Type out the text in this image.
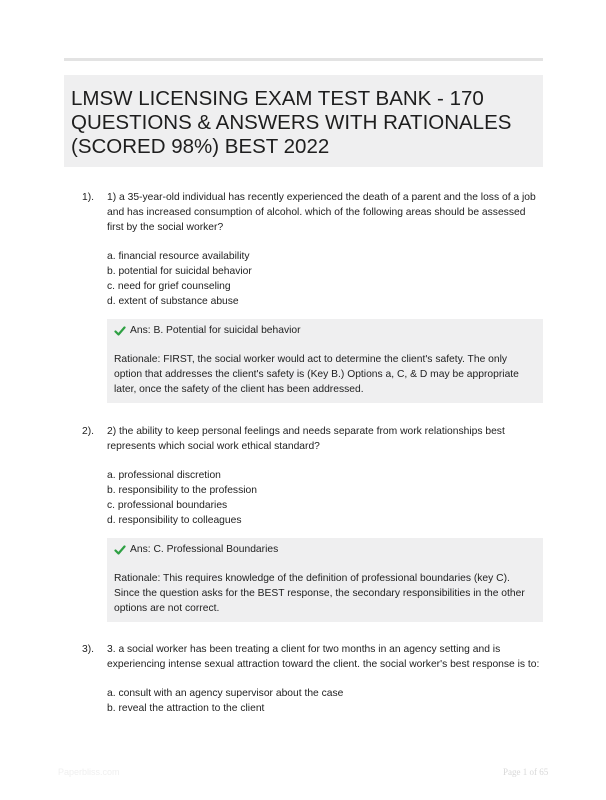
LMSW LICENSING EXAM TEST BANK - 170 QUESTIONS & ANSWERS WITH RATIONALES (SCORED 98%) BEST 2022
1). 1) a 35-year-old individual has recently experienced the death of a parent and the loss of a job and has increased consumption of alcohol. which of the following areas should be assessed first by the social worker?
a. financial resource availability
b. potential for suicidal behavior
c. need for grief counseling
d. extent of substance abuse
Ans: B. Potential for suicidal behavior
Rationale: FIRST, the social worker would act to determine the client's safety. The only option that addresses the client's safety is (Key B.) Options a, C, & D may be appropriate later, once the safety of the client has been addressed.
2). 2) the ability to keep personal feelings and needs separate from work relationships best represents which social work ethical standard?
a. professional discretion
b. responsibility to the profession
c. professional boundaries
d. responsibility to colleagues
Ans: C. Professional Boundaries
Rationale: This requires knowledge of the definition of professional boundaries (key C). Since the question asks for the BEST response, the secondary responsibilities in the other options are not correct.
3). 3. a social worker has been treating a client for two months in an agency setting and is experiencing intense sexual attraction toward the client. the social worker's best response is to:
a. consult with an agency supervisor about the case
b. reveal the attraction to the client
Paperbliss.com	Page 1 of 65
